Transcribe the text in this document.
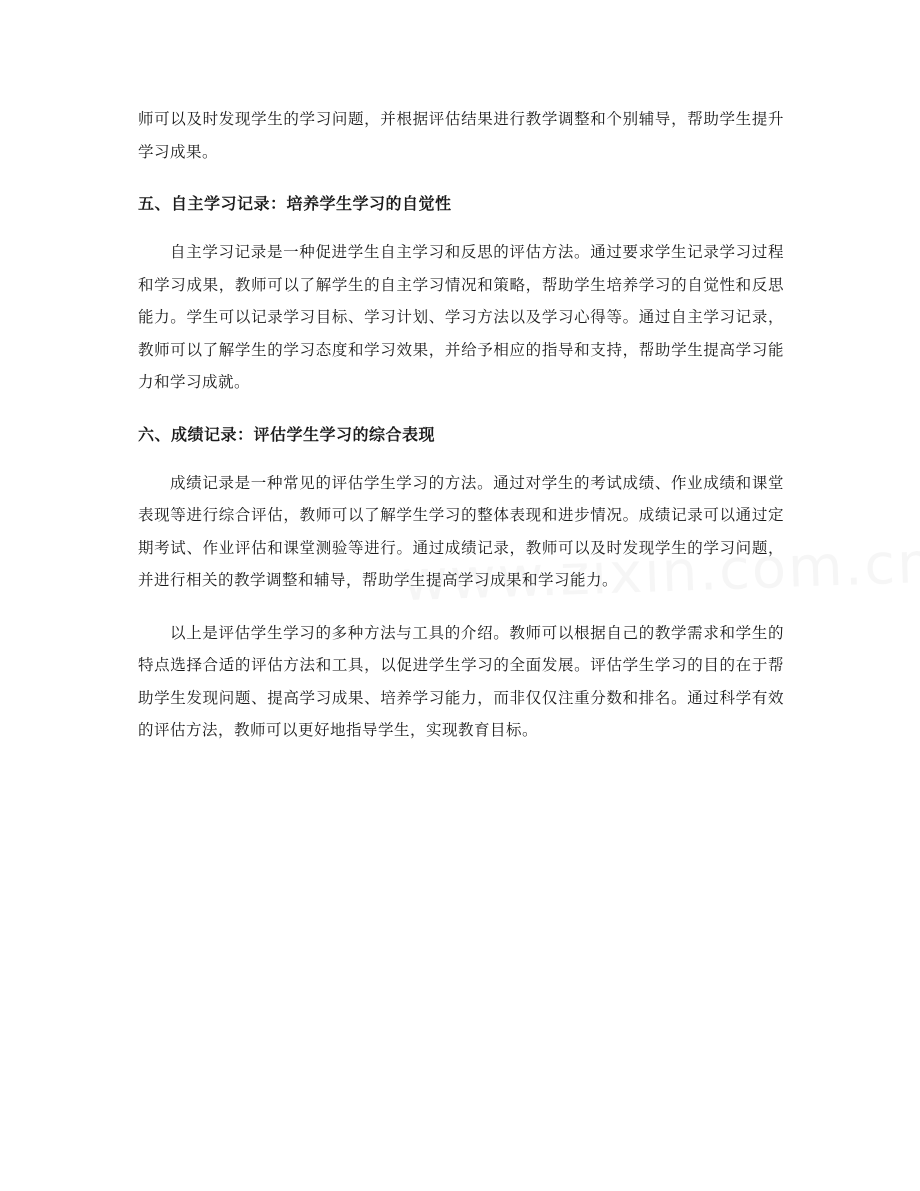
师可以及时发现学生的学习问题，并根据评估结果进行教学调整和个别辅导，帮助学生提升学习成果。

五、自主学习记录：培养学生学习的自觉性

自主学习记录是一种促进学生自主学习和反思的评估方法。通过要求学生记录学习过程和学习成果，教师可以了解学生的自主学习情况和策略，帮助学生培养学习的自觉性和反思能力。学生可以记录学习目标、学习计划、学习方法以及学习心得等。通过自主学习记录，教师可以了解学生的学习态度和学习效果，并给予相应的指导和支持，帮助学生提高学习能力和学习成就。

六、成绩记录：评估学生学习的综合表现

成绩记录是一种常见的评估学生学习的方法。通过对学生的考试成绩、作业成绩和课堂表现等进行综合评估，教师可以了解学生学习的整体表现和进步情况。成绩记录可以通过定期考试、作业评估和课堂测验等进行。通过成绩记录，教师可以及时发现学生的学习问题，并进行相关的教学调整和辅导，帮助学生提高学习成果和学习能力。

以上是评估学生学习的多种方法与工具的介绍。教师可以根据自己的教学需求和学生的特点选择合适的评估方法和工具，以促进学生学习的全面发展。评估学生学习的目的在于帮助学生发现问题、提高学习成果、培养学习能力，而非仅仅注重分数和排名。通过科学有效的评估方法，教师可以更好地指导学生，实现教育目标。
